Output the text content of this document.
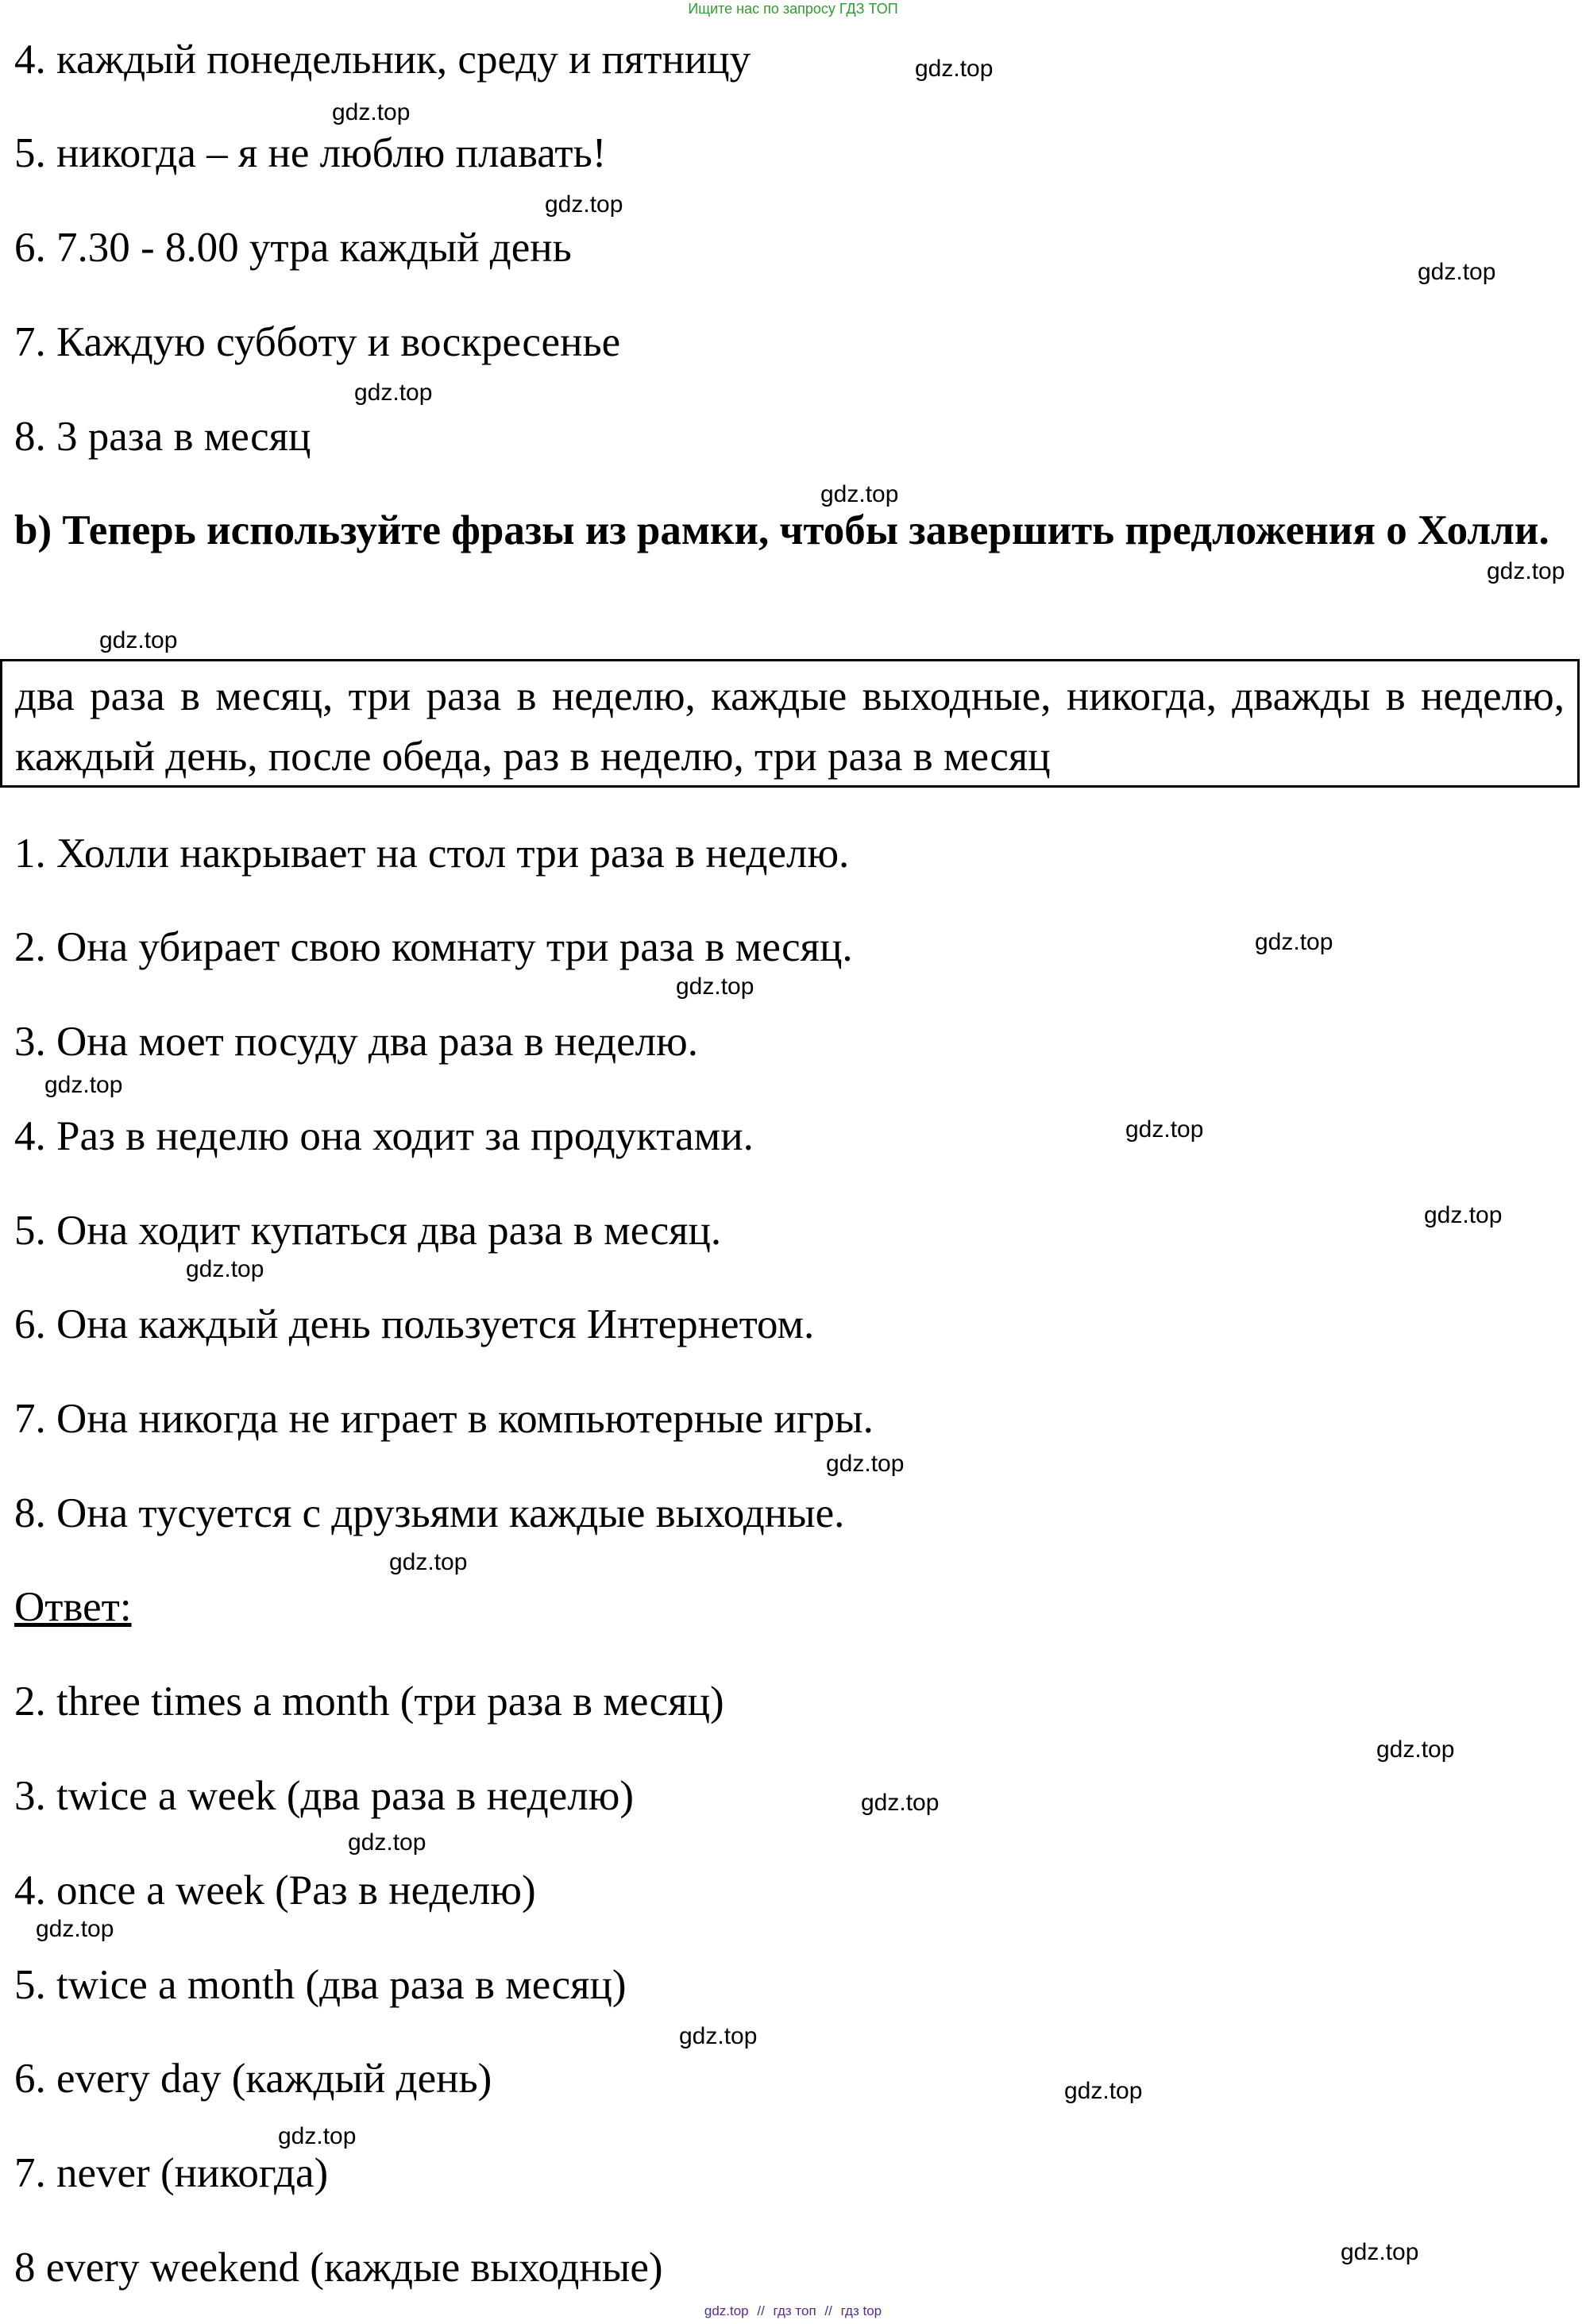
Ищите нас по запросу ГДЗ ТОП
4. каждый понедельник, среду и пятницу
5. никогда – я не люблю плавать!
6. 7.30 - 8.00 утра каждый день
7. Каждую субботу и воскресенье
8. 3 раза в месяц
b) Теперь используйте фразы из рамки, чтобы завершить предложения о Холли.
два раза в месяц, три раза в неделю, каждые выходные, никогда, дважды в неделю, каждый день, после обеда, раз в неделю, три раза в месяц
1. Холли накрывает на стол три раза в неделю.
2. Она убирает свою комнату три раза в месяц.
3. Она моет посуду два раза в неделю.
4. Раз в неделю она ходит за продуктами.
5. Она ходит купаться два раза в месяц.
6. Она каждый день пользуется Интернетом.
7. Она никогда не играет в компьютерные игры.
8. Она тусуется с друзьями каждые выходные.
Ответ:
2. three times a month (три раза в месяц)
3. twice a week (два раза в неделю)
4. once a week (Раз в неделю)
5. twice a month (два раза в месяц)
6. every day (каждый день)
7. never (никогда)
8 every weekend (каждые выходные)
gdz.top
gdz.top
gdz.top
gdz.top
gdz.top
gdz.top
gdz.top
gdz.top
gdz.top
gdz.top
gdz.top
gdz.top
gdz.top
gdz.top
gdz.top
gdz.top
gdz.top
gdz.top
gdz.top
gdz.top
gdz.top
gdz.top
gdz.top
gdz.top
gdz.top // гдз топ // гдз top
